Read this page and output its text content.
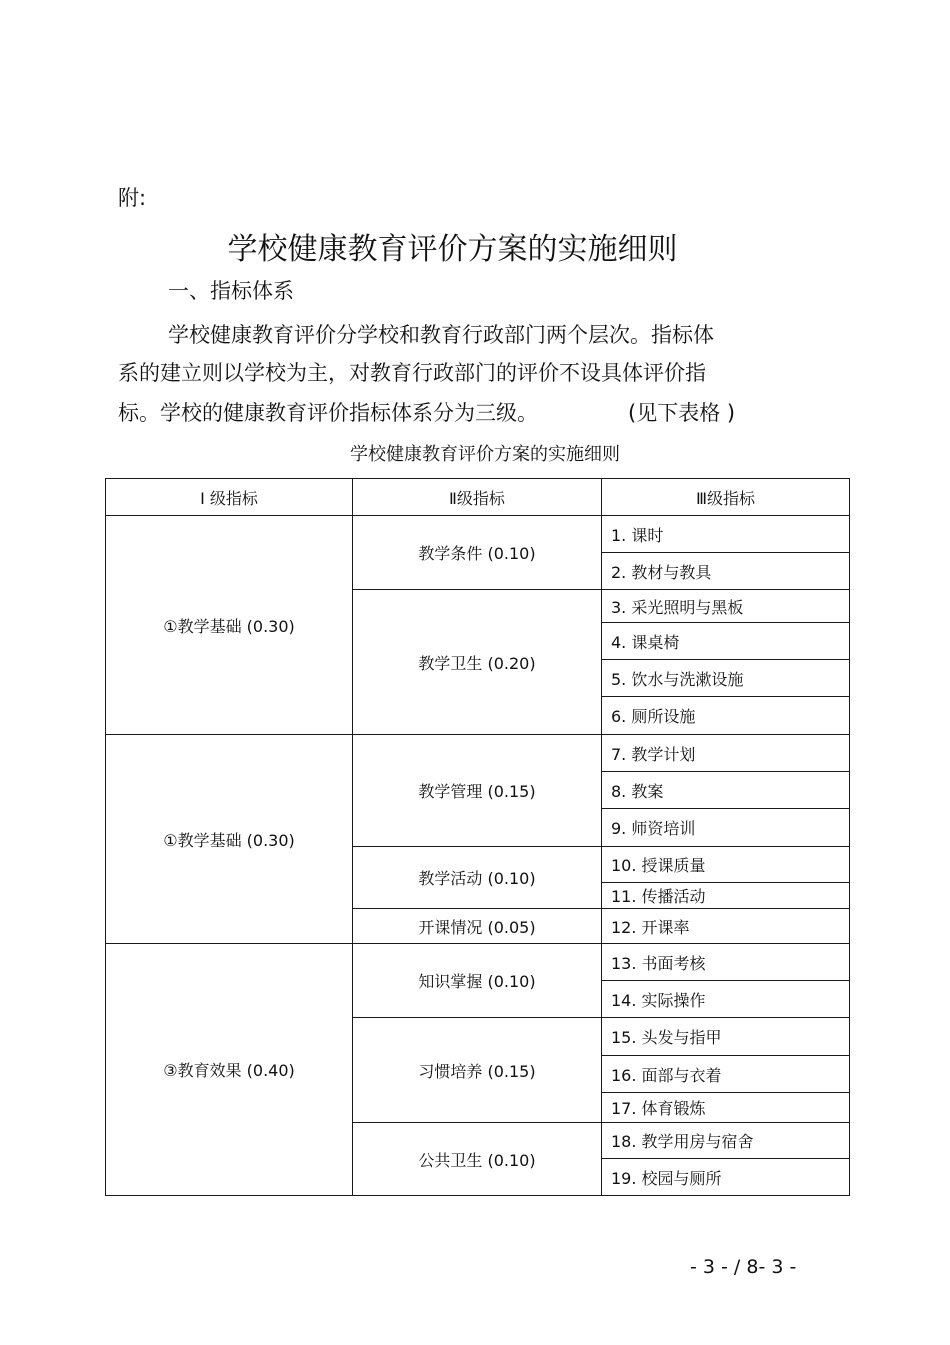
附:
学校健康教育评价方案的实施细则
一、指标体系
学校健康教育评价分学校和教育行政部门两个层次。指标体
系的建立则以学校为主，对教育行政部门的评价不设具体评价指
标。学校的健康教育评价指标体系分为三级。	(见下表格 )
学校健康教育评价方案的实施细则
Ⅰ 级指标	Ⅱ级指标	Ⅲ级指标
①教学基础 (0.30)	教学条件 (0.10)	1. 课时
		2. 教材与教具
	教学卫生 (0.20)	3. 采光照明与黑板
		4. 课桌椅
		5. 饮水与洗漱设施
		6. 厕所设施
①教学基础 (0.30)	教学管理 (0.15)	7. 教学计划
		8. 教案
		9. 师资培训
	教学活动 (0.10)	10. 授课质量
		11. 传播活动
	开课情况 (0.05)	12. 开课率
③教育效果 (0.40)	知识掌握 (0.10)	13. 书面考核
		14. 实际操作
	习惯培养 (0.15)	15. 头发与指甲
		16. 面部与衣着
		17. 体育锻炼
	公共卫生 (0.10)	18. 教学用房与宿舍
		19. 校园与厕所
- 3 - / 8- 3 -
